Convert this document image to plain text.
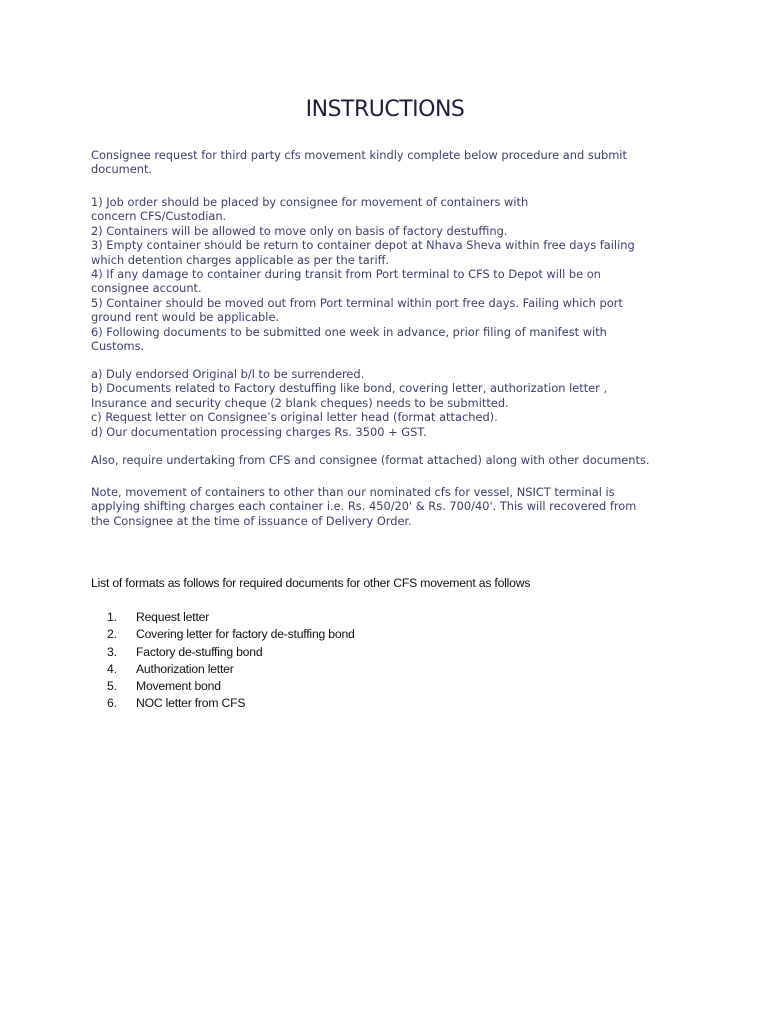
INSTRUCTIONS
Consignee request for third party cfs movement kindly complete below procedure and submit
document.
1) Job order should be placed by consignee for movement of containers with
concern CFS/Custodian.
2) Containers will be allowed to move only on basis of factory destuffing.
3) Empty container should be return to container depot at Nhava Sheva within free days failing
which detention charges applicable as per the tariff.
4) If any damage to container during transit from Port terminal to CFS to Depot will be on
consignee account.
5) Container should be moved out from Port terminal within port free days. Failing which port
ground rent would be applicable.
6) Following documents to be submitted one week in advance, prior filing of manifest with
Customs.
a) Duly endorsed Original b/l to be surrendered.
b) Documents related to Factory destuffing like bond, covering letter, authorization letter ,
Insurance and security cheque (2 blank cheques) needs to be submitted.
c) Request letter on Consignee’s original letter head (format attached).
d) Our documentation processing charges Rs. 3500 + GST.
Also, require undertaking from CFS and consignee (format attached) along with other documents.
Note, movement of containers to other than our nominated cfs for vessel, NSICT terminal is
applying shifting charges each container i.e. Rs. 450/20' & Rs. 700/40'. This will recovered from
the Consignee at the time of issuance of Delivery Order.
List of formats as follows for required documents for other CFS movement as follows
1. Request letter
2. Covering letter for factory de-stuffing bond
3. Factory de-stuffing bond
4. Authorization letter
5. Movement bond
6. NOC letter from CFS
